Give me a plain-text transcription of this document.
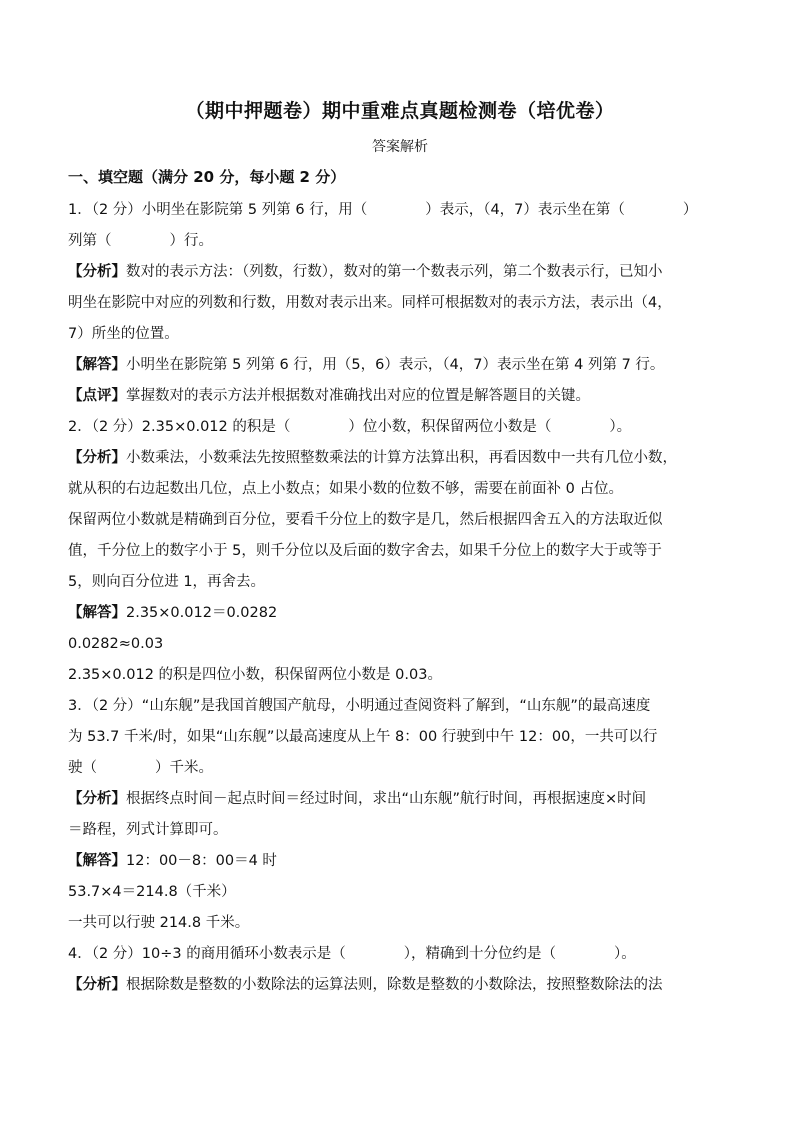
（期中押题卷）期中重难点真题检测卷（培优卷）
答案解析
一、填空题（满分 20 分，每小题 2 分）
1．（2 分）小明坐在影院第 5 列第 6 行，用（　　　　）表示，（4，7）表示坐在第（　　　　）
列第（　　　　）行。
【分析】数对的表示方法：（列数，行数），数对的第一个数表示列，第二个数表示行，已知小
明坐在影院中对应的列数和行数，用数对表示出来。同样可根据数对的表示方法，表示出（4，
7）所坐的位置。
【解答】小明坐在影院第 5 列第 6 行，用（5，6）表示，（4，7）表示坐在第 4 列第 7 行。
【点评】掌握数对的表示方法并根据数对准确找出对应的位置是解答题目的关键。
2．（2 分）2.35×0.012 的积是（　　　　）位小数，积保留两位小数是（　　　　）。
【分析】小数乘法，小数乘法先按照整数乘法的计算方法算出积，再看因数中一共有几位小数，
就从积的右边起数出几位，点上小数点；如果小数的位数不够，需要在前面补 0 占位。
保留两位小数就是精确到百分位，要看千分位上的数字是几，然后根据四舍五入的方法取近似
值，千分位上的数字小于 5，则千分位以及后面的数字舍去，如果千分位上的数字大于或等于
5，则向百分位进 1，再舍去。
【解答】2.35×0.012＝0.0282
0.0282≈0.03
2.35×0.012 的积是四位小数，积保留两位小数是 0.03。
3．（2 分）“山东舰”是我国首艘国产航母，小明通过查阅资料了解到，“山东舰”的最高速度
为 53.7 千米/时，如果“山东舰”以最高速度从上午 8：00 行驶到中午 12：00，一共可以行
驶（　　　　）千米。
【分析】根据终点时间－起点时间＝经过时间，求出“山东舰”航行时间，再根据速度×时间
＝路程，列式计算即可。
【解答】12：00－8：00＝4 时
53.7×4＝214.8（千米）
一共可以行驶 214.8 千米。
4．（2 分）10÷3 的商用循环小数表示是（　　　　），精确到十分位约是（　　　　）。
【分析】根据除数是整数的小数除法的运算法则，除数是整数的小数除法，按照整数除法的法
